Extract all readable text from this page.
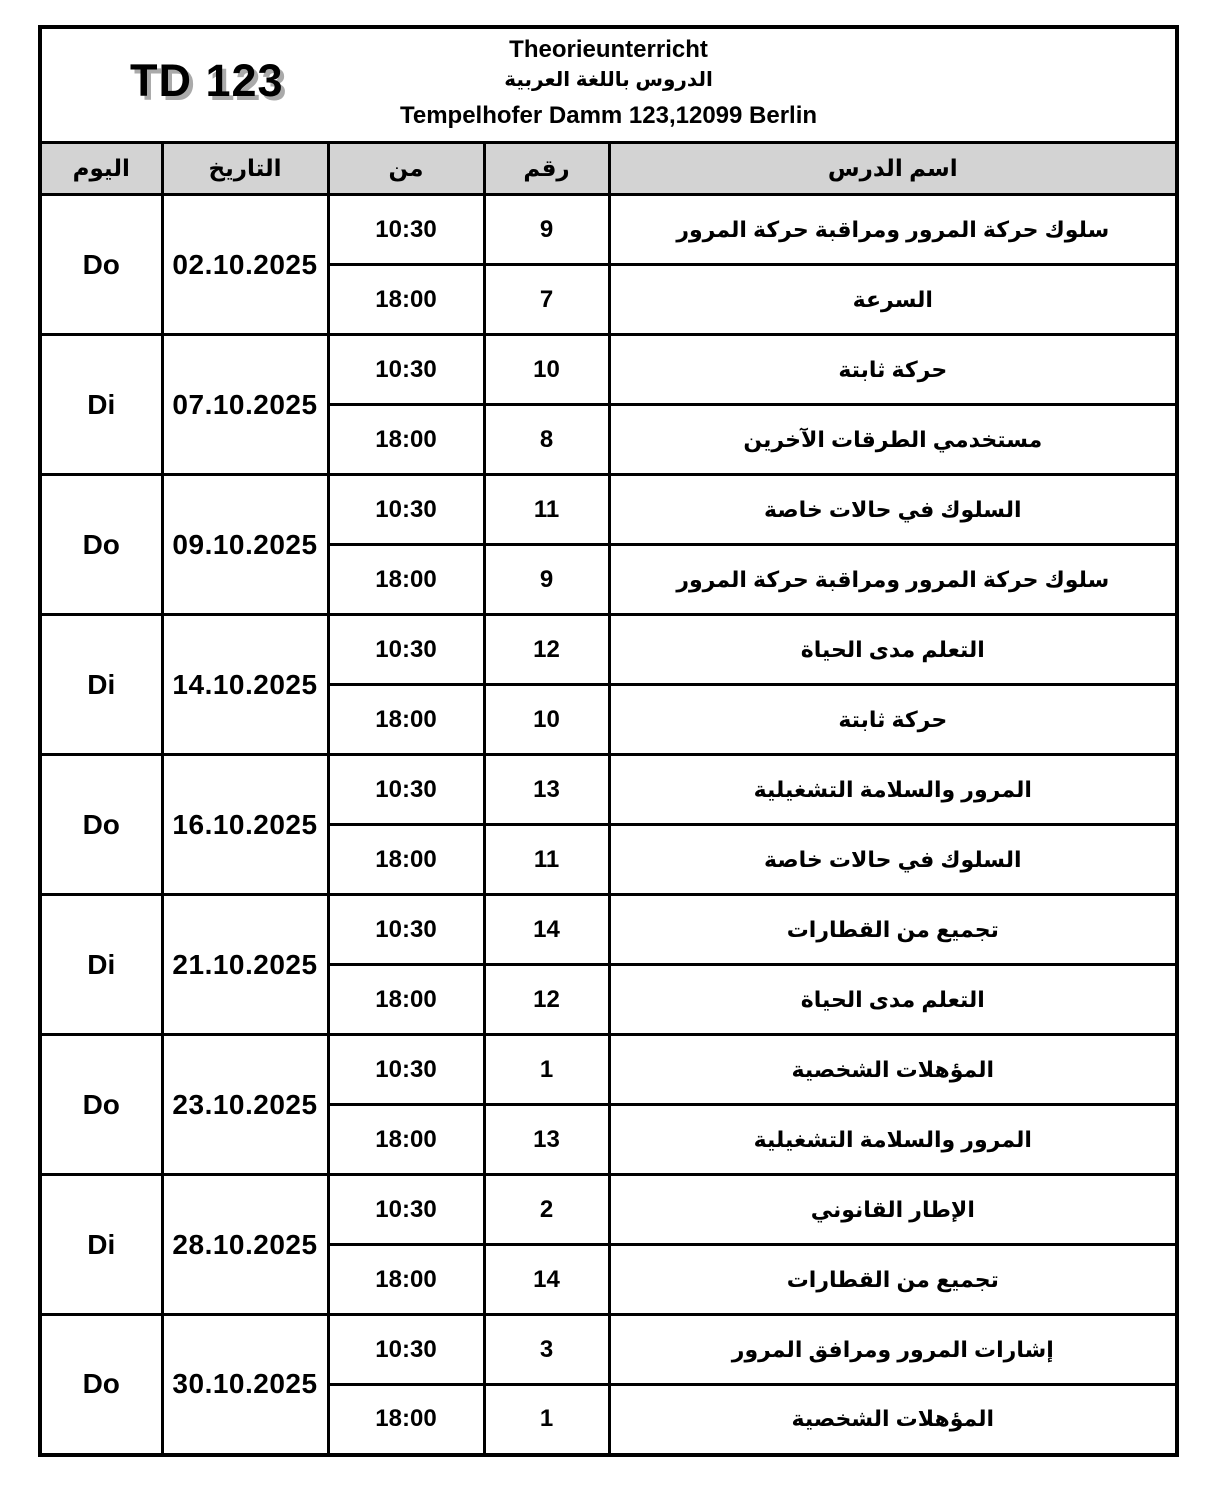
TD 123
Theorieunterricht
الدروس باللغة العربية
Tempelhofer Damm 123,12099 Berlin				

اليوم	التاريخ	من	رقم	اسم الدرس
Do	02.10.2025	10:30	9	سلوك حركة المرور ومراقبة حركة المرور
		18:00	7	السرعة
Di	07.10.2025	10:30	10	حركة ثابتة
		18:00	8	مستخدمي الطرقات الآخرين
Do	09.10.2025	10:30	11	السلوك في حالات خاصة
		18:00	9	سلوك حركة المرور ومراقبة حركة المرور
Di	14.10.2025	10:30	12	التعلم مدى الحياة
		18:00	10	حركة ثابتة
Do	16.10.2025	10:30	13	المرور والسلامة التشغيلية
		18:00	11	السلوك في حالات خاصة
Di	21.10.2025	10:30	14	تجميع من القطارات
		18:00	12	التعلم مدى الحياة
Do	23.10.2025	10:30	1	المؤهلات الشخصية
		18:00	13	المرور والسلامة التشغيلية
Di	28.10.2025	10:30	2	الإطار القانوني
		18:00	14	تجميع من القطارات
Do	30.10.2025	10:30	3	إشارات المرور ومرافق المرور
		18:00	1	المؤهلات الشخصية
